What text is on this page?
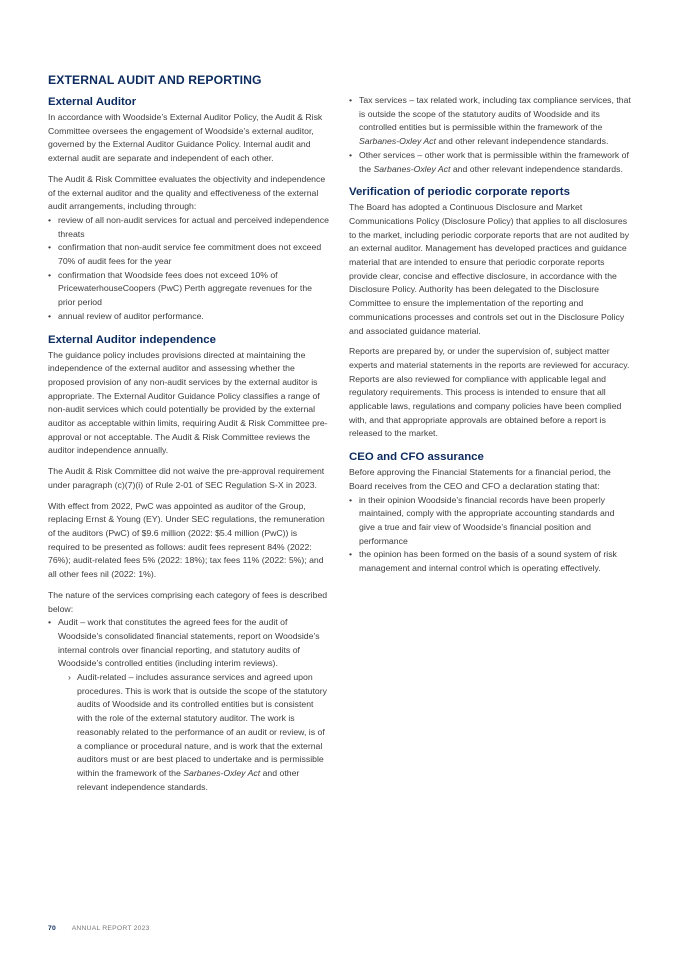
EXTERNAL AUDIT AND REPORTING
External Auditor

In accordance with Woodside’s External Auditor Policy, the Audit & Risk Committee oversees the engagement of Woodside’s external auditor, governed by the External Auditor Guidance Policy. Internal audit and external audit are separate and independent of each other.

The Audit & Risk Committee evaluates the objectivity and independence of the external auditor and the quality and effectiveness of the external audit arrangements, including through:

• review of all non-audit services for actual and perceived independence threats
• confirmation that non-audit service fee commitment does not exceed 70% of audit fees for the year
• confirmation that Woodside fees does not exceed 10% of PricewaterhouseCoopers (PwC) Perth aggregate revenues for the prior period
• annual review of auditor performance.
External Auditor independence

The guidance policy includes provisions directed at maintaining the independence of the external auditor and assessing whether the proposed provision of any non-audit services by the external auditor is appropriate. The External Auditor Guidance Policy classifies a range of non-audit services which could potentially be provided by the external auditor as acceptable within limits, requiring Audit & Risk Committee pre-approval or not acceptable. The Audit & Risk Committee reviews the auditor independence annually.

The Audit & Risk Committee did not waive the pre-approval requirement under paragraph (c)(7)(i) of Rule 2-01 of SEC Regulation S-X in 2023.

With effect from 2022, PwC was appointed as auditor of the Group, replacing Ernst & Young (EY). Under SEC regulations, the remuneration of the auditors (PwC) of $9.6 million (2022: $5.4 million (PwC)) is required to be presented as follows: audit fees represent 84% (2022: 76%); audit-related fees 5% (2022: 18%); tax fees 11% (2022: 5%); and all other fees nil (2022: 1%).

The nature of the services comprising each category of fees is described below:

• Audit – work that constitutes the agreed fees for the audit of Woodside’s consolidated financial statements, report on Woodside’s internal controls over financial reporting, and statutory audits of Woodside’s controlled entities (including interim reviews).
› Audit-related – includes assurance services and agreed upon procedures. This is work that is outside the scope of the statutory audits of Woodside and its controlled entities but is consistent with the role of the external statutory auditor. The work is reasonably related to the performance of an audit or review, is of a compliance or procedural nature, and is work that the external auditors must or are best placed to undertake and is permissible within the framework of the Sarbanes-Oxley Act and other relevant independence standards.
• Tax services – tax related work, including tax compliance services, that is outside the scope of the statutory audits of Woodside and its controlled entities but is permissible within the framework of the Sarbanes-Oxley Act and other relevant independence standards.
• Other services – other work that is permissible within the framework of the Sarbanes-Oxley Act and other relevant independence standards.
Verification of periodic corporate reports

The Board has adopted a Continuous Disclosure and Market Communications Policy (Disclosure Policy) that applies to all disclosures to the market, including periodic corporate reports that are not audited by an external auditor. Management has developed practices and guidance material that are intended to ensure that periodic corporate reports provide clear, concise and effective disclosure, in accordance with the Disclosure Policy. Authority has been delegated to the Disclosure Committee to ensure the implementation of the reporting and communications processes and controls set out in the Disclosure Policy and associated guidance material.

Reports are prepared by, or under the supervision of, subject matter experts and material statements in the reports are reviewed for accuracy. Reports are also reviewed for compliance with applicable legal and regulatory requirements. This process is intended to ensure that all applicable laws, regulations and company policies have been complied with, and that appropriate approvals are obtained before a report is released to the market.

CEO and CFO assurance

Before approving the Financial Statements for a financial period, the Board receives from the CEO and CFO a declaration stating that:

• in their opinion Woodside’s financial records have been properly maintained, comply with the appropriate accounting standards and give a true and fair view of Woodside’s financial position and performance
• the opinion has been formed on the basis of a sound system of risk management and internal control which is operating effectively.
70 ANNUAL REPORT 2023
